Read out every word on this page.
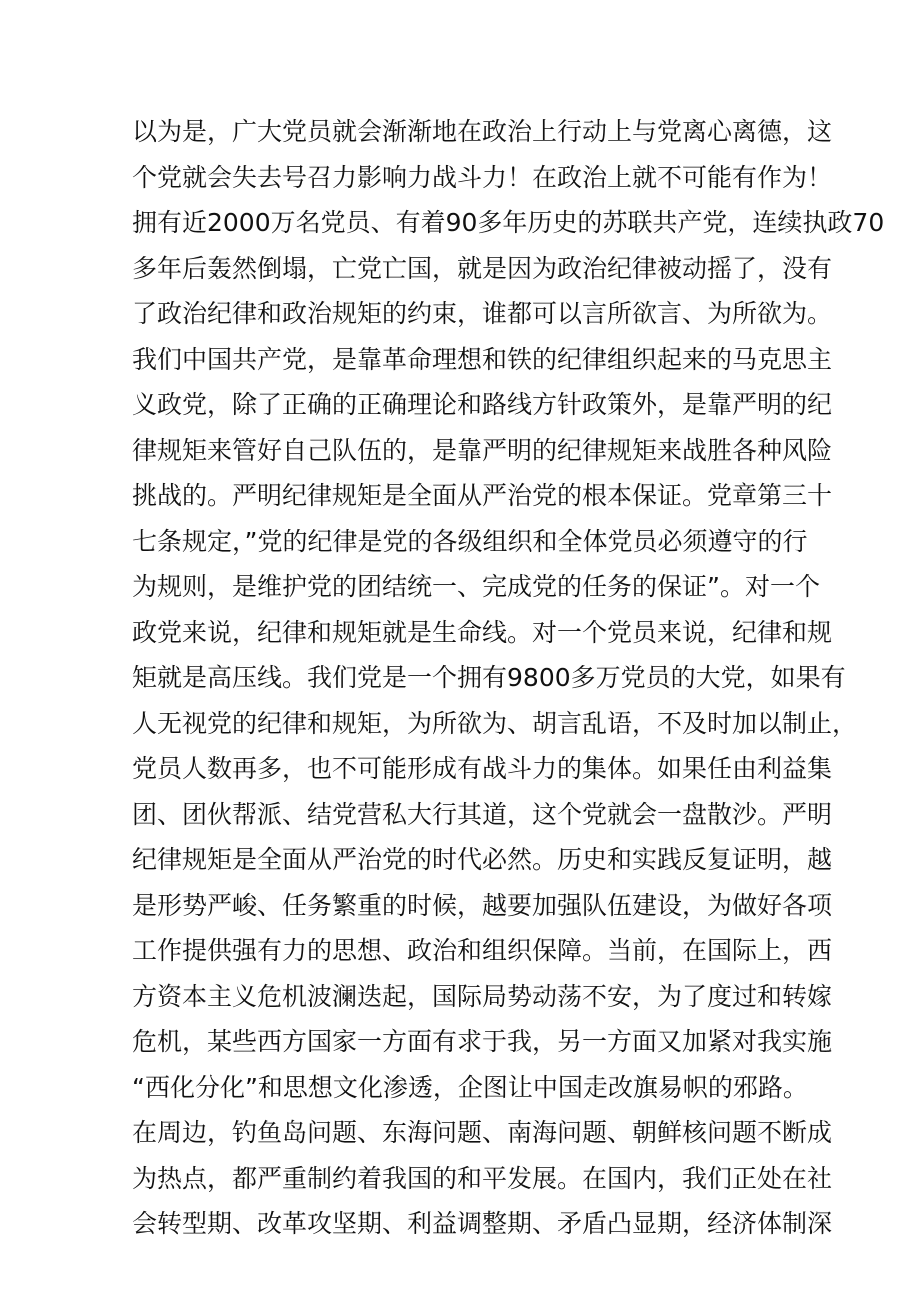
以为是，广大党员就会渐渐地在政治上行动上与党离心离德，这
个党就会失去号召力影响力战斗力！在政治上就不可能有作为！
拥有近2000万名党员、有着90多年历史的苏联共产党，连续执政70
多年后轰然倒塌，亡党亡国，就是因为政治纪律被动摇了，没有
了政治纪律和政治规矩的约束，谁都可以言所欲言、为所欲为。
我们中国共产党，是靠革命理想和铁的纪律组织起来的马克思主
义政党，除了正确的正确理论和路线方针政策外，是靠严明的纪
律规矩来管好自己队伍的，是靠严明的纪律规矩来战胜各种风险
挑战的。严明纪律规矩是全面从严治党的根本保证。党章第三十
七条规定，”党的纪律是党的各级组织和全体党员必须遵守的行
为规则，是维护党的团结统一、完成党的任务的保证”。对一个
政党来说，纪律和规矩就是生命线。对一个党员来说，纪律和规
矩就是高压线。我们党是一个拥有9800多万党员的大党，如果有
人无视党的纪律和规矩，为所欲为、胡言乱语，不及时加以制止，
党员人数再多，也不可能形成有战斗力的集体。如果任由利益集
团、团伙帮派、结党营私大行其道，这个党就会一盘散沙。严明
纪律规矩是全面从严治党的时代必然。历史和实践反复证明，越
是形势严峻、任务繁重的时候，越要加强队伍建设，为做好各项
工作提供强有力的思想、政治和组织保障。当前，在国际上，西
方资本主义危机波澜迭起，国际局势动荡不安，为了度过和转嫁
危机，某些西方国家一方面有求于我，另一方面又加紧对我实施
“西化分化”和思想文化渗透，企图让中国走改旗易帜的邪路。
在周边，钓鱼岛问题、东海问题、南海问题、朝鲜核问题不断成
为热点，都严重制约着我国的和平发展。在国内，我们正处在社
会转型期、改革攻坚期、利益调整期、矛盾凸显期，经济体制深
